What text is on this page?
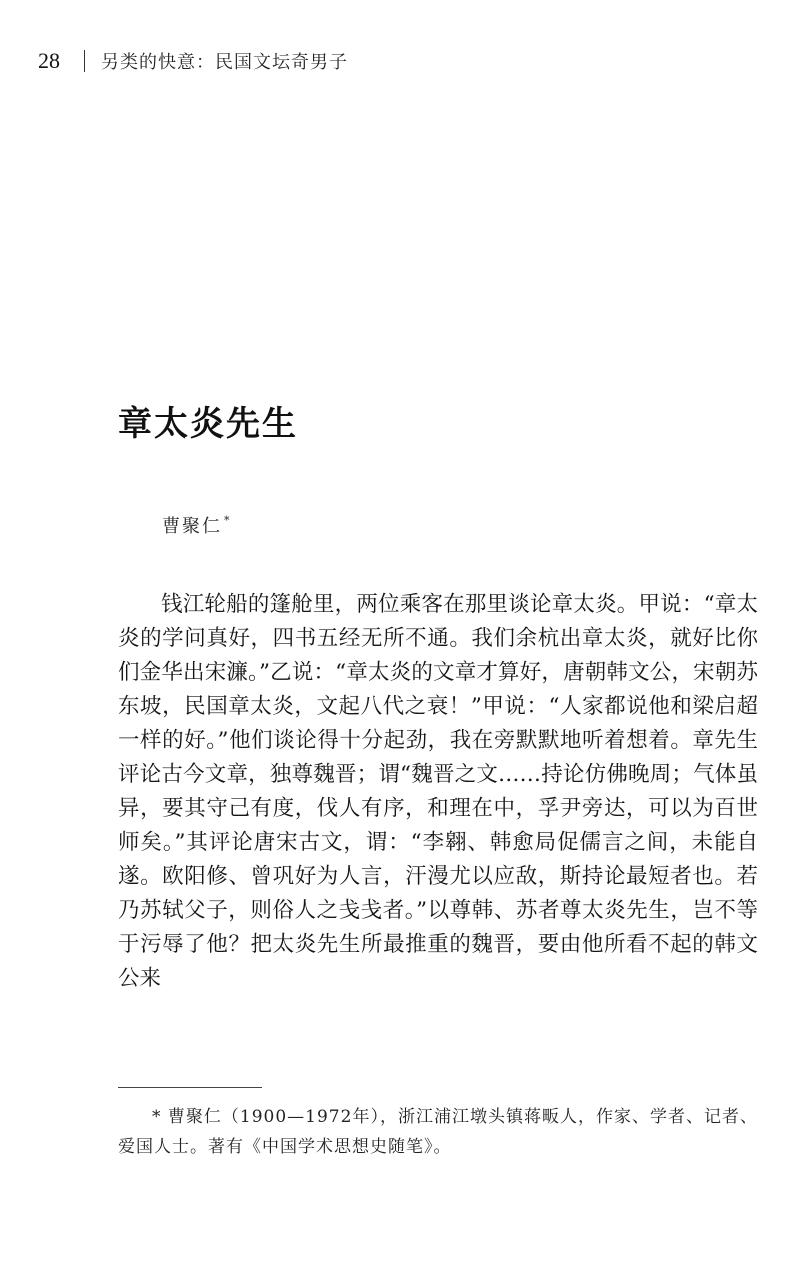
28 另类的快意：民国文坛奇男子
章太炎先生
曹聚仁 *

钱江轮船的篷舱里，两位乘客在那里谈论章太炎。甲说：“章太炎的学问真好，四书五经无所不通。我们余杭出章太炎，就好比你们金华出宋濂。”乙说：“章太炎的文章才算好，唐朝韩文公，宋朝苏东坡，民国章太炎，文起八代之衰！”甲说：“人家都说他和梁启超一样的好。”他们谈论得十分起劲，我在旁默默地听着想着。章先生评论古今文章，独尊魏晋；谓“魏晋之文……持论仿佛晚周；气体虽异，要其守己有度，伐人有序，和理在中，孚尹旁达，可以为百世师矣。”其评论唐宋古文，谓：“李翱、韩愈局促儒言之间，未能自遂。欧阳修、曾巩好为人言，汗漫尤以应敌，斯持论最短者也。若乃苏轼父子，则俗人之戋戋者。”以尊韩、苏者尊太炎先生，岂不等于污辱了他？把太炎先生所最推重的魏晋，要由他所看不起的韩文公来

* 曹聚仁（1900—1972年），浙江浦江墩头镇蒋畈人，作家、学者、记者、爱国人士。著有《中国学术思想史随笔》。
